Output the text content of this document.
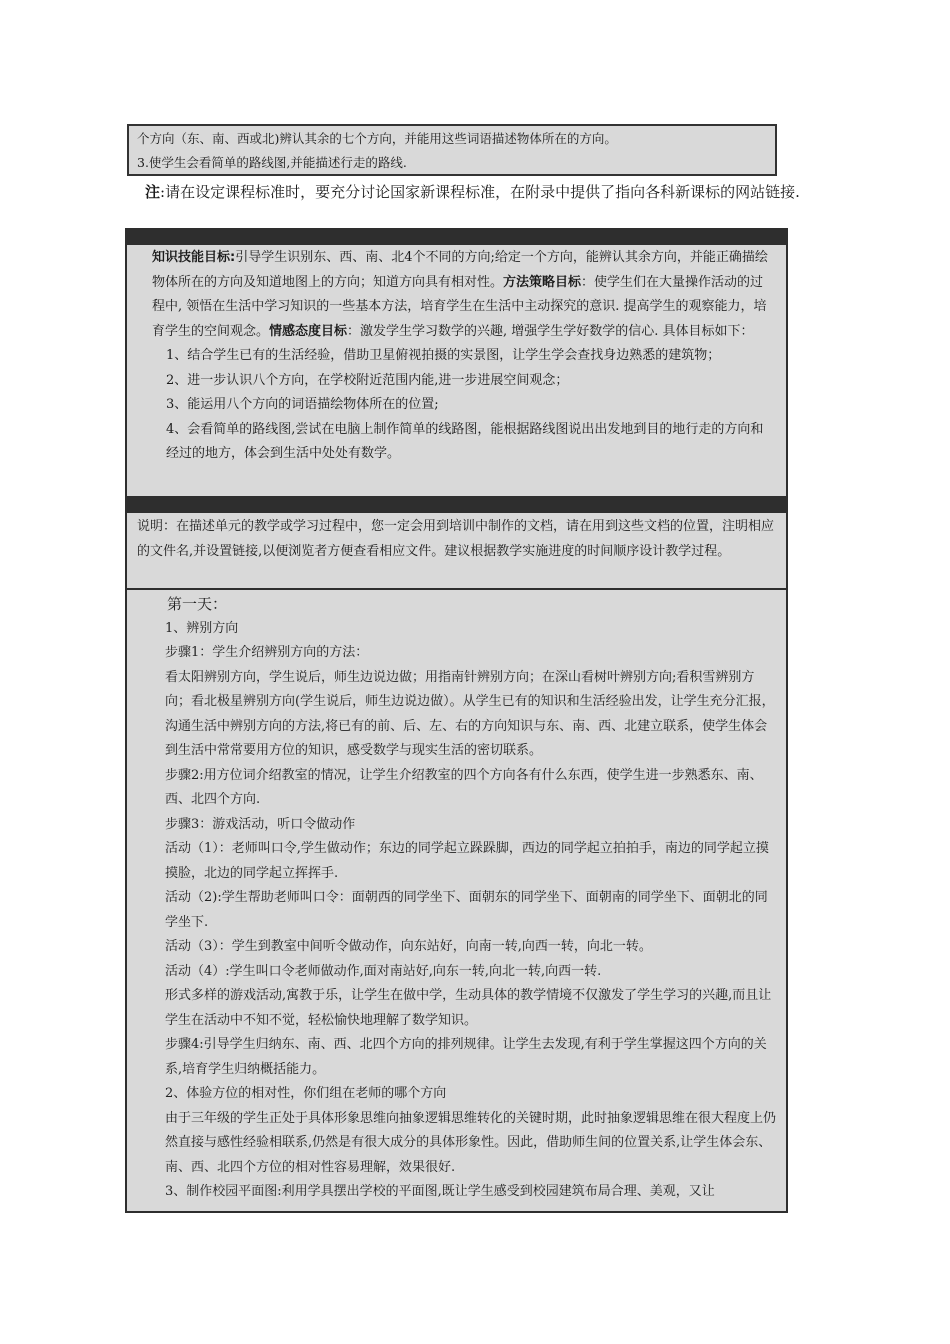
个方向（东、南、西或北)辨认其余的七个方向，并能用这些词语描述物体所在的方向。
3.使学生会看简单的路线图,并能描述行走的路线.
注:请在设定课程标准时，要充分讨论国家新课程标准，在附录中提供了指向各科新课标的网站链接.

知识技能目标:引导学生识别东、西、南、北4个不同的方向;给定一个方向，能辨认其余方向，并能正确描绘物体所在的方向及知道地图上的方向；知道方向具有相对性。方法策略目标：使学生们在大量操作活动的过程中, 领悟在生活中学习知识的一些基本方法，培育学生在生活中主动探究的意识. 提高学生的观察能力，培育学生的空间观念。情感态度目标：激发学生学习数学的兴趣, 增强学生学好数学的信心. 具体目标如下：

1、结合学生已有的生活经验，借助卫星俯视拍摄的实景图，让学生学会查找身边熟悉的建筑物；

2、进一步认识八个方向，在学校附近范围内能,进一步进展空间观念；

3、能运用八个方向的词语描绘物体所在的位置;

4、会看简单的路线图,尝试在电脑上制作简单的线路图，能根据路线图说出出发地到目的地行走的方向和经过的地方，体会到生活中处处有数学。

说明：在描述单元的教学或学习过程中，您一定会用到培训中制作的文档，请在用到这些文档的位置，注明相应的文件名,并设置链接,以便浏览者方便查看相应文件。建议根据教学实施进度的时间顺序设计教学过程。

第一天：

1、辨别方向

步骤1：学生介绍辨别方向的方法：

看太阳辨别方向，学生说后，师生边说边做；用指南针辨别方向；在深山看树叶辨别方向;看积雪辨别方向；看北极星辨别方向(学生说后，师生边说边做）。从学生已有的知识和生活经验出发，让学生充分汇报，沟通生活中辨别方向的方法,将已有的前、后、左、右的方向知识与东、南、西、北建立联系，使学生体会到生活中常常要用方位的知识，感受数学与现实生活的密切联系。

步骤2:用方位词介绍教室的情况，让学生介绍教室的四个方向各有什么东西，使学生进一步熟悉东、南、西、北四个方向.

步骤3：游戏活动，听口令做动作

活动（1）：老师叫口令,学生做动作；东边的同学起立跺跺脚，西边的同学起立拍拍手，南边的同学起立摸摸脸，北边的同学起立挥挥手.

活动（2):学生帮助老师叫口令：面朝西的同学坐下、面朝东的同学坐下、面朝南的同学坐下、面朝北的同学坐下.

活动（3）：学生到教室中间听令做动作，向东站好，向南一转,向西一转，向北一转。

活动（4）:学生叫口令老师做动作,面对南站好,向东一转,向北一转,向西一转.

形式多样的游戏活动,寓教于乐，让学生在做中学，生动具体的教学情境不仅激发了学生学习的兴趣,而且让学生在活动中不知不觉，轻松愉快地理解了数学知识。

步骤4:引导学生归纳东、南、西、北四个方向的排列规律。让学生去发现,有利于学生掌握这四个方向的关系,培育学生归纳概括能力。

2、体验方位的相对性，你们组在老师的哪个方向

由于三年级的学生正处于具体形象思维向抽象逻辑思维转化的关键时期，此时抽象逻辑思维在很大程度上仍然直接与感性经验相联系,仍然是有很大成分的具体形象性。因此，借助师生间的位置关系,让学生体会东、南、西、北四个方位的相对性容易理解，效果很好.

3、制作校园平面图:利用学具摆出学校的平面图,既让学生感受到校园建筑布局合理、美观，又让
